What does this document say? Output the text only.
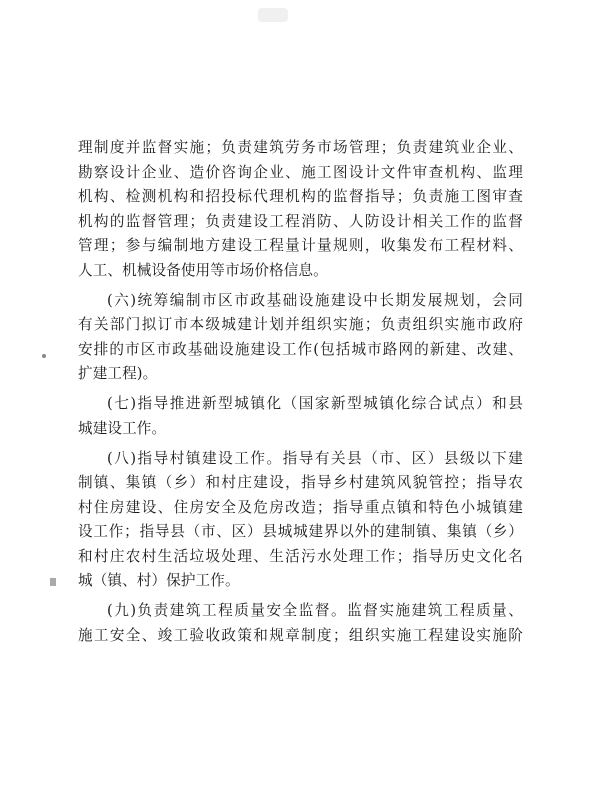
理制度并监督实施；负责建筑劳务市场管理；负责建筑业企业、
勘察设计企业、造价咨询企业、施工图设计文件审查机构、监理
机构、检测机构和招投标代理机构的监督指导；负责施工图审查
机构的监督管理；负责建设工程消防、人防设计相关工作的监督
管理；参与编制地方建设工程量计量规则，收集发布工程材料、
人工、机械设备使用等市场价格信息。

(六)统筹编制市区市政基础设施建设中长期发展规划，会同
有关部门拟订市本级城建计划并组织实施；负责组织实施市政府
安排的市区市政基础设施建设工作(包括城市路网的新建、改建、
扩建工程)。

(七)指导推进新型城镇化（国家新型城镇化综合试点）和县
城建设工作。

(八)指导村镇建设工作。指导有关县（市、区）县级以下建
制镇、集镇（乡）和村庄建设，指导乡村建筑风貌管控；指导农
村住房建设、住房安全及危房改造；指导重点镇和特色小城镇建
设工作；指导县（市、区）县城城建界以外的建制镇、集镇（乡）
和村庄农村生活垃圾处理、生活污水处理工作；指导历史文化名
城（镇、村）保护工作。

(九)负责建筑工程质量安全监督。监督实施建筑工程质量、
施工安全、竣工验收政策和规章制度；组织实施工程建设实施阶
